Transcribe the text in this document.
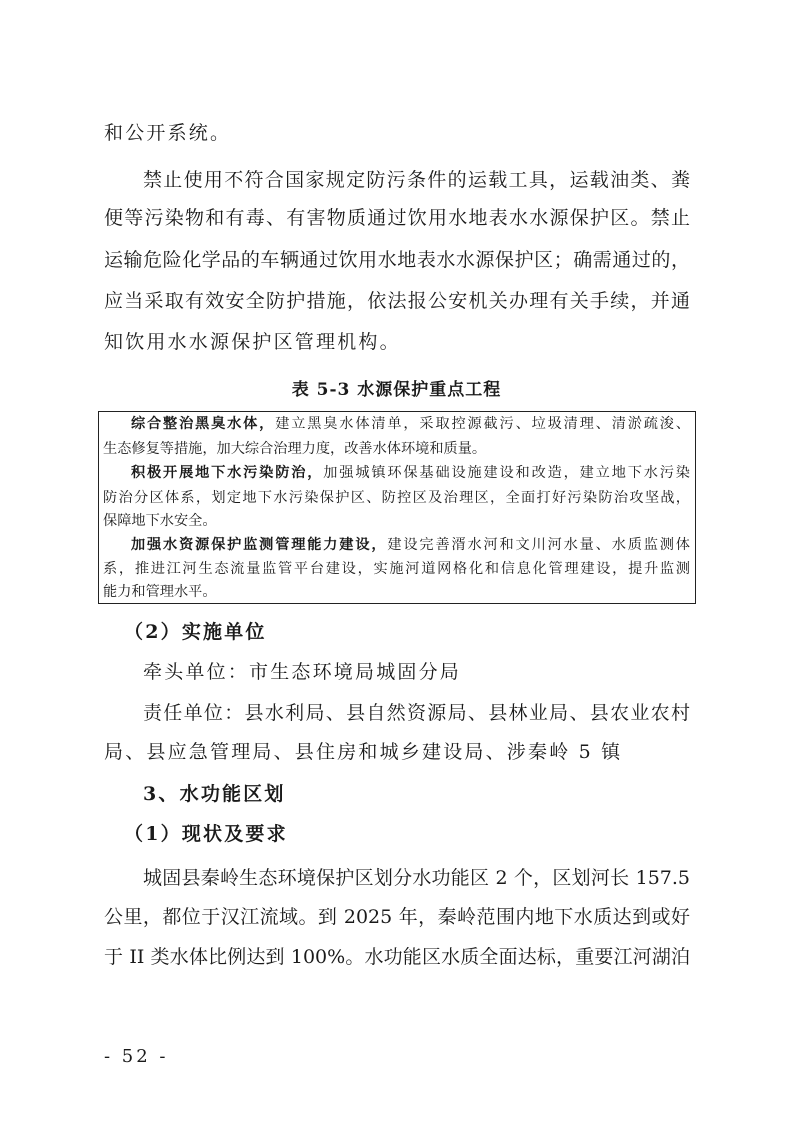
和公开系统。
禁止使用不符合国家规定防污条件的运载工具，运载油类、粪
便等污染物和有毒、有害物质通过饮用水地表水水源保护区。禁止
运输危险化学品的车辆通过饮用水地表水水源保护区；确需通过的，
应当采取有效安全防护措施，依法报公安机关办理有关手续，并通
知饮用水水源保护区管理机构。
表 5-3 水源保护重点工程
综合整治黑臭水体，建立黑臭水体清单，采取控源截污、垃圾清理、清淤疏浚、
生态修复等措施，加大综合治理力度，改善水体环境和质量。
积极开展地下水污染防治，加强城镇环保基础设施建设和改造，建立地下水污染
防治分区体系，划定地下水污染保护区、防控区及治理区，全面打好污染防治攻坚战，
保障地下水安全。
加强水资源保护监测管理能力建设，建设完善湑水河和文川河水量、水质监测体
系，推进江河生态流量监管平台建设，实施河道网格化和信息化管理建设，提升监测
能力和管理水平。
（2）实施单位
牵头单位：市生态环境局城固分局
责任单位：县水利局、县自然资源局、县林业局、县农业农村
局、县应急管理局、县住房和城乡建设局、涉秦岭 5 镇
3、水功能区划
（1）现状及要求
城固县秦岭生态环境保护区划分水功能区 2 个，区划河长 157.5
公里，都位于汉江流域。到 2025 年，秦岭范围内地下水质达到或好
于 II 类水体比例达到 100%。水功能区水质全面达标，重要江河湖泊
- 52 -
